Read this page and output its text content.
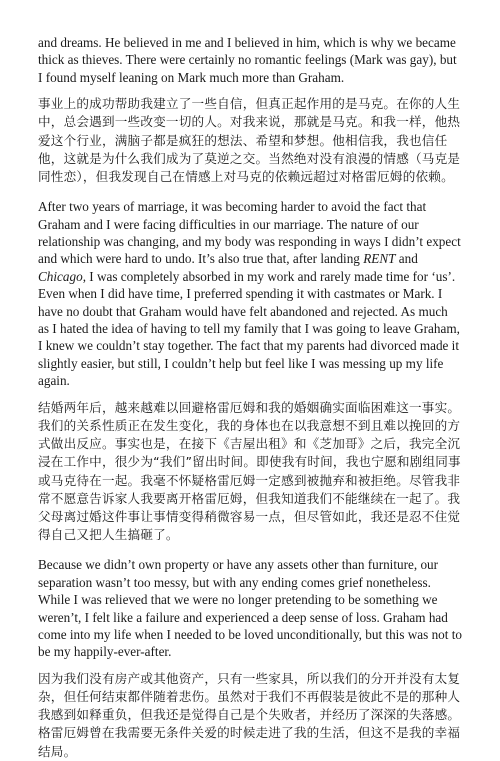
and dreams. He believed in me and I believed in him, which is why we became thick as thieves. There were certainly no romantic feelings (Mark was gay), but I found myself leaning on Mark much more than Graham.

事业上的成功帮助我建立了一些自信，但真正起作用的是马克。在你的人生中，总会遇到一些改变一切的人。对我来说，那就是马克。和我一样，他热爱这个行业，满脑子都是疯狂的想法、希望和梦想。他相信我，我也信任他，这就是为什么我们成为了莫逆之交。当然绝对没有浪漫的情感（马克是同性恋），但我发现自己在情感上对马克的依赖远超过对格雷厄姆的依赖。

After two years of marriage, it was becoming harder to avoid the fact that Graham and I were facing difficulties in our marriage. The nature of our relationship was changing, and my body was responding in ways I didn’t expect and which were hard to undo. It’s also true that, after landing RENT and Chicago, I was completely absorbed in my work and rarely made time for ‘us’. Even when I did have time, I preferred spending it with castmates or Mark. I have no doubt that Graham would have felt abandoned and rejected. As much as I hated the idea of having to tell my family that I was going to leave Graham, I knew we couldn’t stay together. The fact that my parents had divorced made it slightly easier, but still, I couldn’t help but feel like I was messing up my life again.

结婚两年后，越来越难以回避格雷厄姆和我的婚姻确实面临困难这一事实。我们的关系性质正在发生变化，我的身体也在以我意想不到且难以挽回的方式做出反应。事实也是，在接下《吉屋出租》和《芝加哥》之后，我完全沉浸在工作中，很少为“我们”留出时间。即使我有时间，我也宁愿和剧组同事或马克待在一起。我毫不怀疑格雷厄姆一定感到被抛弃和被拒绝。尽管我非常不愿意告诉家人我要离开格雷厄姆，但我知道我们不能继续在一起了。我父母离过婚这件事让事情变得稍微容易一点，但尽管如此，我还是忍不住觉得自己又把人生搞砸了。

Because we didn’t own property or have any assets other than furniture, our separation wasn’t too messy, but with any ending comes grief nonetheless. While I was relieved that we were no longer pretending to be something we weren’t, I felt like a failure and experienced a deep sense of loss. Graham had come into my life when I needed to be loved unconditionally, but this was not to be my happily-ever-after.

因为我们没有房产或其他资产，只有一些家具，所以我们的分开并没有太复杂，但任何结束都伴随着悲伤。虽然对于我们不再假装是彼此不是的那种人我感到如释重负，但我还是觉得自己是个失败者，并经历了深深的失落感。格雷厄姆曾在我需要无条件关爱的时候走进了我的生活，但这不是我的幸福结局。
